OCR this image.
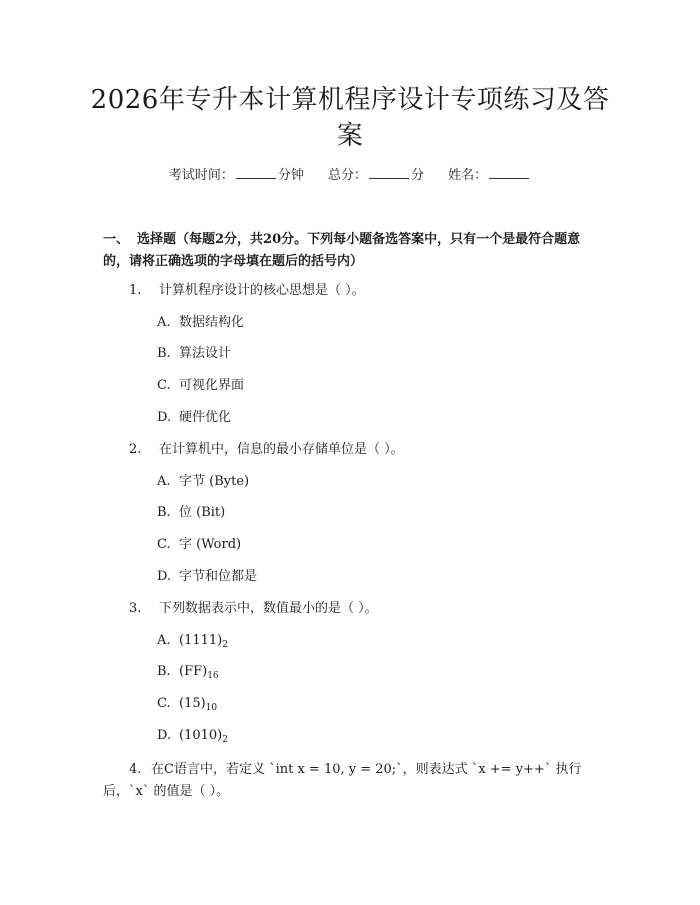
2026年专升本计算机程序设计专项练习及答案
考试时间：	分钟 总分：	分 姓名：
一、 选择题（每题2分，共20分。下列每小题备选答案中，只有一个是最符合题意的，请将正确选项的字母填在题后的括号内）
1. 计算机程序设计的核心思想是（ ）。
A. 数据结构化
B. 算法设计
C. 可视化界面
D. 硬件优化
2. 在计算机中，信息的最小存储单位是（ ）。
A. 字节 (Byte)
B. 位 (Bit)
C. 字 (Word)
D. 字节和位都是
3. 下列数据表示中，数值最小的是（ ）。
A. $(1111)_2$
B. $(FF)_{16}$
C. $(15)_{10}$
D. $(1010)_2$
4. 在C语言中，若定义 `int x = 10, y = 20;`，则表达式 `x += y++` 执行后，`x` 的值是（ ）。
